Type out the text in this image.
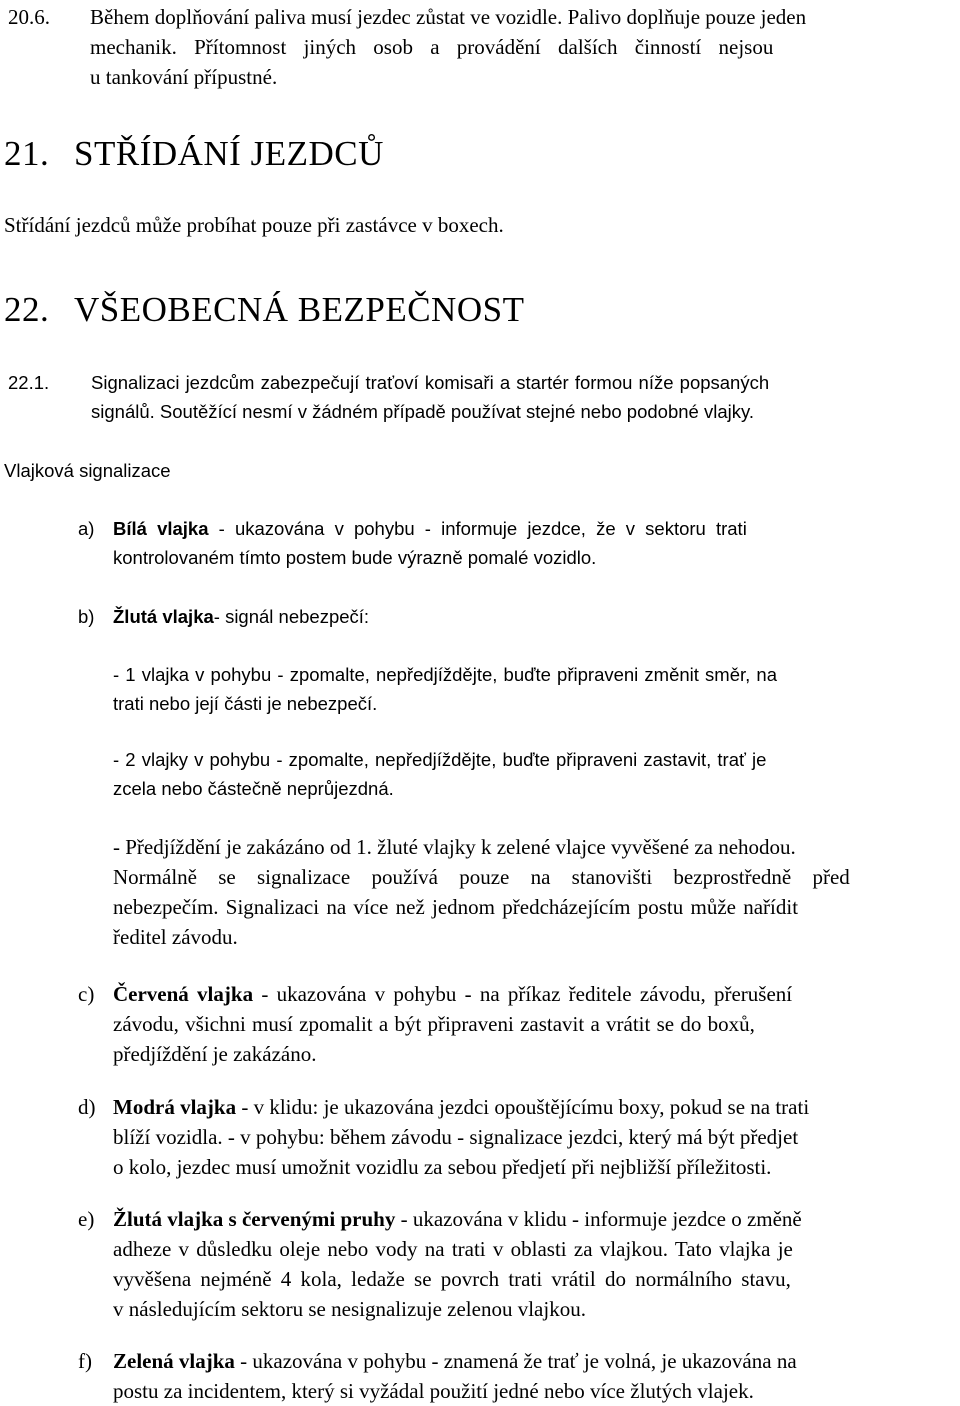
20.6.	Během doplňování paliva musí jezdec zůstat ve vozidle. Palivo doplňuje pouze jeden
mechanik. Přítomnost jiných osob a provádění dalších činností nejsou
u tankování přípustné.
21. STŘÍDÁNÍ JEZDCŮ
Střídání jezdců může probíhat pouze při zastávce v boxech.
22. VŠEOBECNÁ BEZPEČNOST
22.1.	Signalizaci jezdcům zabezpečují traťoví komisaři a startér formou níže popsaných
signálů. Soutěžící nesmí v žádném případě používat stejné nebo podobné vlajky.
Vlajková signalizace
a)	Bílá vlajka - ukazována v pohybu - informuje jezdce, že v sektoru trati
kontrolovaném tímto postem bude výrazně pomalé vozidlo.
b)	Žlutá vlajka- signál nebezpečí:
- 1 vlajka v pohybu - zpomalte, nepředjíždějte, buďte připraveni změnit směr, na
trati nebo její části je nebezpečí.
- 2 vlajky v pohybu - zpomalte, nepředjíždějte, buďte připraveni zastavit, trať je
zcela nebo částečně neprůjezdná.
- Předjíždění je zakázáno od 1. žluté vlajky k zelené vlajce vyvěšené za nehodou.
Normálně se signalizace používá pouze na stanovišti bezprostředně před
nebezpečím. Signalizaci na více než jednom předcházejícím postu může nařídit
ředitel závodu.
c) Červená vlajka - ukazována v pohybu - na příkaz ředitele závodu, přerušení
závodu, všichni musí zpomalit a být připraveni zastavit a vrátit se do boxů,
předjíždění je zakázáno.
d) Modrá vlajka - v klidu: je ukazována jezdci opouštějícímu boxy, pokud se na trati
blíží vozidla. - v pohybu: během závodu - signalizace jezdci, který má být předjet
o kolo, jezdec musí umožnit vozidlu za sebou předjetí při nejbližší příležitosti.
e) Žlutá vlajka s červenými pruhy - ukazována v klidu - informuje jezdce o změně
adheze v důsledku oleje nebo vody na trati v oblasti za vlajkou. Tato vlajka je
vyvěšena nejméně 4 kola, ledaže se povrch trati vrátil do normálního stavu,
v následujícím sektoru se nesignalizuje zelenou vlajkou.
f)	Zelená vlajka - ukazována v pohybu - znamená že trať je volná, je ukazována na
postu za incidentem, který si vyžádal použití jedné nebo více žlutých vlajek.
